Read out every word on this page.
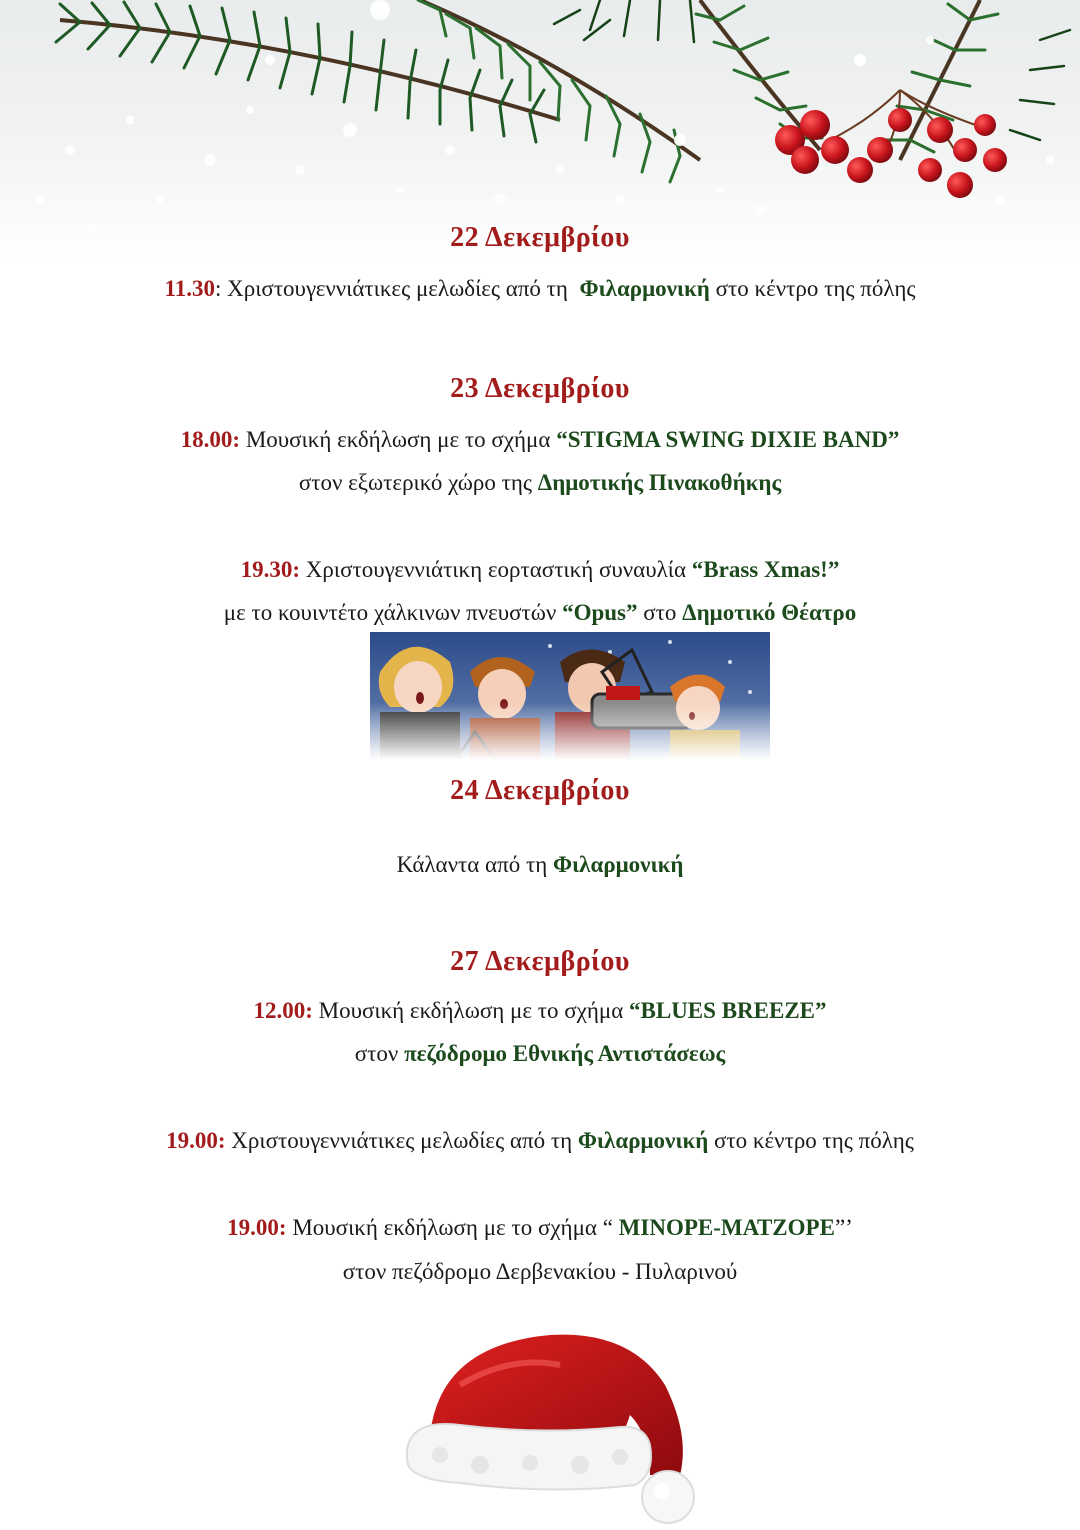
22 Δεκεμβρίου
11.30: Χριστουγεννιάτικες μελωδίες από τη  Φιλαρμονική στο κέντρο της πόλης
23 Δεκεμβρίου
18.00: Μουσική εκδήλωση με το σχήμα “STIGMA SWING DIXIE BAND”
στον εξωτερικό χώρο της Δημοτικής Πινακοθήκης
19.30: Χριστουγεννιάτικη εορταστική συναυλία “Brass Xmas!”
με το κουιντέτο χάλκινων πνευστών “Opus” στο Δημοτικό Θέατρο
24 Δεκεμβρίου
Κάλαντα από τη Φιλαρμονική
27 Δεκεμβρίου
12.00: Μουσική εκδήλωση με το σχήμα “BLUES BREEZE”
στον πεζόδρομο Εθνικής Αντιστάσεως
19.00: Χριστουγεννιάτικες μελωδίες από τη Φιλαρμονική στο κέντρο της πόλης
19.00: Μουσική εκδήλωση με το σχήμα “ ΜΙΝΟΡΕ-ΜΑΤΖΟΡΕ”’
στον πεζόδρομο Δερβενακίου - Πυλαρινού
